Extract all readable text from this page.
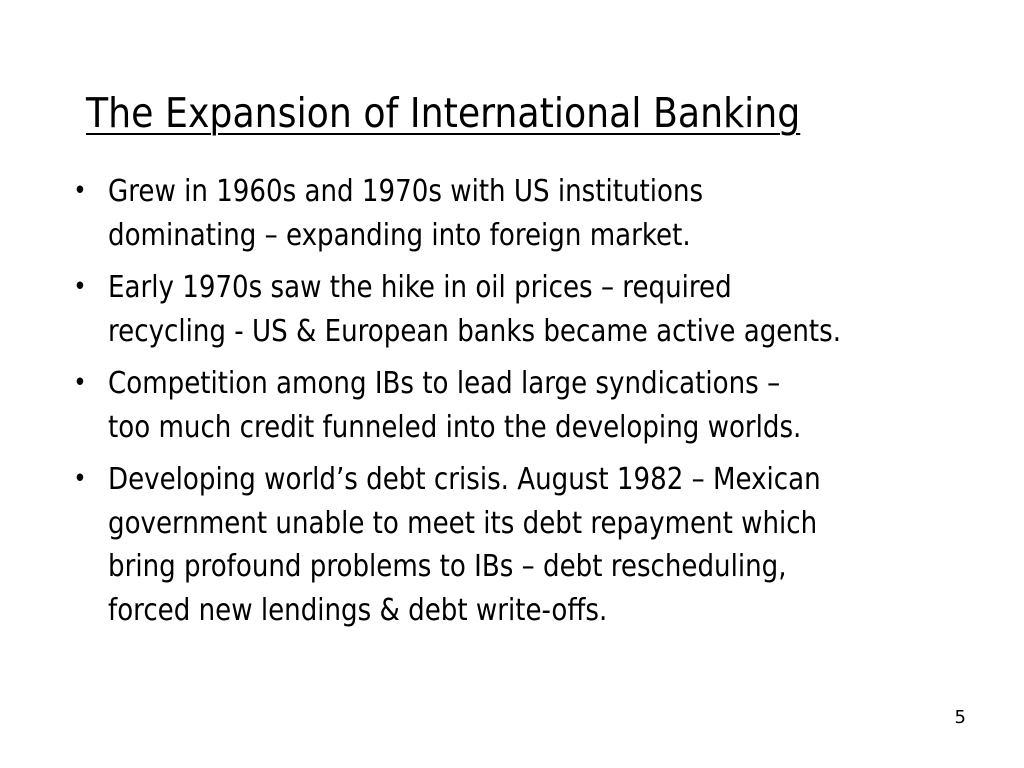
The Expansion of International Banking
• Grew in 1960s and 1970s with US institutions
dominating – expanding into foreign market.
• Early 1970s saw the hike in oil prices – required
recycling - US & European banks became active agents.
• Competition among IBs to lead large syndications –
too much credit funneled into the developing worlds.
• Developing world’s debt crisis. August 1982 – Mexican
government unable to meet its debt repayment which
bring profound problems to IBs – debt rescheduling,
forced new lendings & debt write-offs.
5
